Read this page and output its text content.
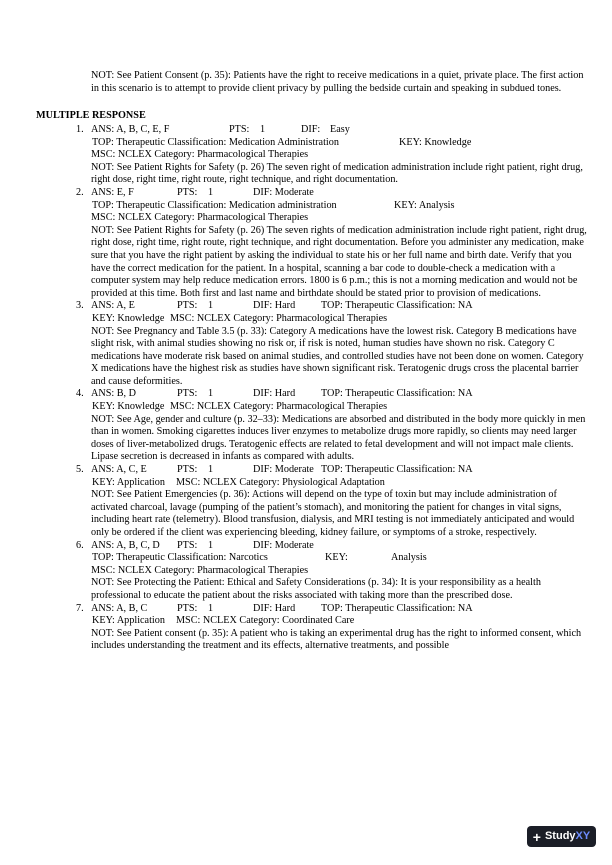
NOT: See Patient Consent (p. 35): Patients have the right to receive medications in a quiet, private place. The first action in this scenario is to attempt to provide client privacy by pulling the bedside curtain and speaking in subdued tones.
MULTIPLE RESPONSE
1. ANS: A, B, C, E, F	PTS:	1	DIF: Easy
TOP: Therapeutic Classification: Medication Administration	KEY: Knowledge
MSC: NCLEX Category: Pharmacological Therapies
NOT: See Patient Rights for Safety (p. 26) The seven right of medication administration include right patient, right drug, right dose, right time, right route, right technique, and right documentation.
2. ANS: E, F	PTS:	1	DIF: Moderate
TOP: Therapeutic Classification: Medication administration	KEY: Analysis
MSC: NCLEX Category: Pharmacological Therapies
NOT: See Patient Rights for Safety (p. 26) The seven rights of medication administration include right patient, right drug, right dose, right time, right route, right technique, and right documentation. Before you administer any medication, make sure that you have the right patient by asking the individual to state his or her full name and birth date. Verify that you have the correct medication for the patient. In a hospital, scanning a bar code to double-check a medication with a computer system may help reduce medication errors. 1800 is 6 p.m.; this is not a morning medication and would not be provided at this time. Both first and last name and birthdate should be stated prior to provision of medications.
3. ANS: A, E	PTS:	1	DIF: Hard	TOP: Therapeutic Classification: NA
KEY: Knowledge MSC: NCLEX Category: Pharmacological Therapies
NOT: See Pregnancy and Table 3.5 (p. 33): Category A medications have the lowest risk. Category B medications have slight risk, with animal studies showing no risk or, if risk is noted, human studies have shown no risk. Category C medications have moderate risk based on animal studies, and controlled studies have not been done on women. Category X medications have the highest risk as studies have shown significant risk. Teratogenic drugs cross the placental barrier and cause deformities.
4. ANS: B, D	PTS:	1	DIF: Hard	TOP: Therapeutic Classification: NA
KEY: Knowledge MSC: NCLEX Category: Pharmacological Therapies
NOT: See Age, gender and culture (p. 32–33): Medications are absorbed and distributed in the body more quickly in men than in women. Smoking cigarettes induces liver enzymes to metabolize drugs more rapidly, so clients may need larger doses of liver-metabolized drugs. Teratogenic effects are related to fetal development and will not impact male clients. Lipase secretion is decreased in infants as compared with adults.
5. ANS: A, C, E	PTS:	1	DIF: Moderate TOP: Therapeutic Classification: NA
KEY: Application	MSC: NCLEX Category: Physiological Adaptation
NOT: See Patient Emergencies (p. 36): Actions will depend on the type of toxin but may include administration of activated charcoal, lavage (pumping of the patient’s stomach), and monitoring the patient for changes in vital signs, including heart rate (telemetry). Blood transfusion, dialysis, and MRI testing is not immediately anticipated and would only be ordered if the client was experiencing bleeding, kidney failure, or symptoms of a stroke, respectively.
6. ANS: A, B, C, D	PTS:	1	DIF: Moderate
TOP: Therapeutic Classification: Narcotics	KEY:	Analysis
MSC: NCLEX Category: Pharmacological Therapies
NOT: See Protecting the Patient: Ethical and Safety Considerations (p. 34): It is your responsibility as a health professional to educate the patient about the risks associated with taking more than the prescribed dose.
7. ANS: A, B, C	PTS:	1	DIF: Hard	TOP: Therapeutic Classification: NA
KEY: Application	MSC: NCLEX Category: Coordinated Care
NOT: See Patient consent (p. 35): A patient who is taking an experimental drug has the right to informed consent, which includes understanding the treatment and its effects, alternative treatments, and possible
+ StudyXY
